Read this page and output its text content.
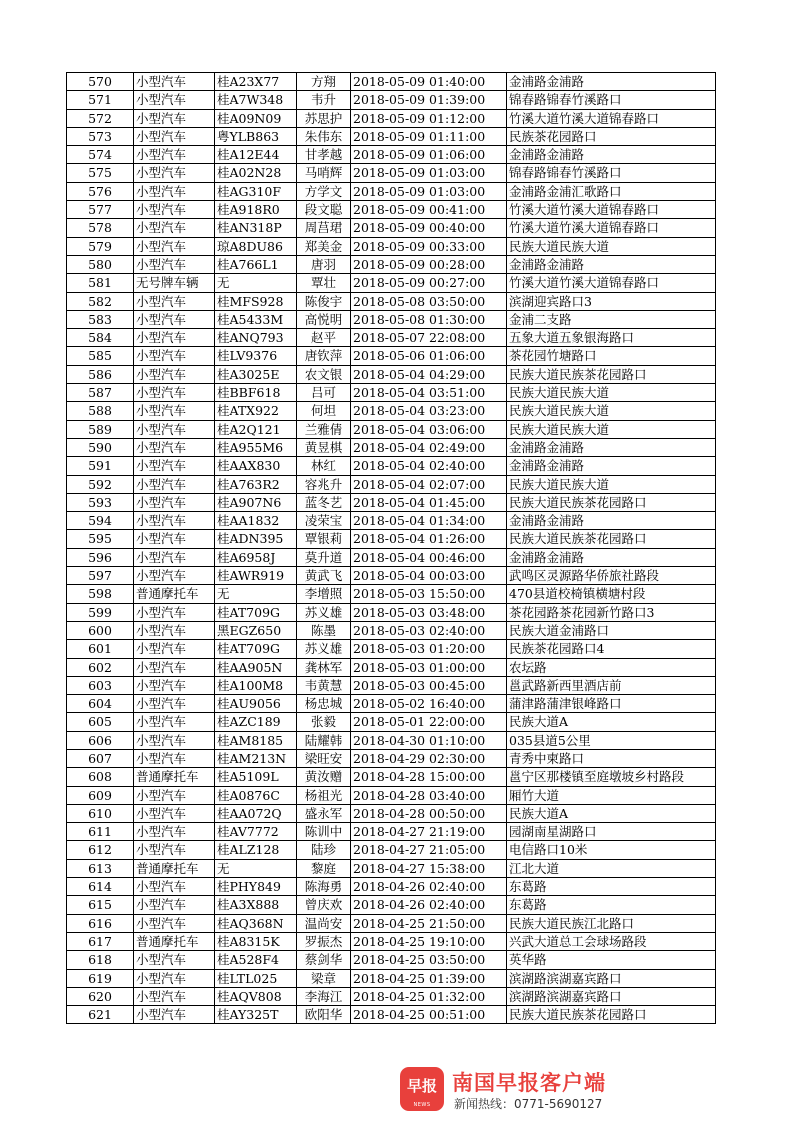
570	小型汽车	桂A23X77	方翔	2018-05-09 01:40:00	金浦路金浦路
571	小型汽车	桂A7W348	韦升	2018-05-09 01:39:00	锦春路锦春竹溪路口
572	小型汽车	桂A09N09	苏思护	2018-05-09 01:12:00	竹溪大道竹溪大道锦春路口
573	小型汽车	粤YLB863	朱伟东	2018-05-09 01:11:00	民族茶花园路口
574	小型汽车	桂A12E44	甘孝越	2018-05-09 01:06:00	金浦路金浦路
575	小型汽车	桂A02N28	马哨辉	2018-05-09 01:03:00	锦春路锦春竹溪路口
576	小型汽车	桂AG310F	方学文	2018-05-09 01:03:00	金浦路金浦汇歌路口
577	小型汽车	桂A918R0	段文聪	2018-05-09 00:41:00	竹溪大道竹溪大道锦春路口
578	小型汽车	桂AN318P	周莒珺	2018-05-09 00:40:00	竹溪大道竹溪大道锦春路口
579	小型汽车	琼A8DU86	郑美金	2018-05-09 00:33:00	民族大道民族大道
580	小型汽车	桂A766L1	唐羽	2018-05-09 00:28:00	金浦路金浦路
581	无号牌车辆	无	覃壮	2018-05-09 00:27:00	竹溪大道竹溪大道锦春路口
582	小型汽车	桂MFS928	陈俊宇	2018-05-08 03:50:00	滨湖迎宾路口3
583	小型汽车	桂A5433M	高悦明	2018-05-08 01:30:00	金浦二支路
584	小型汽车	桂ANQ793	赵平	2018-05-07 22:08:00	五象大道五象银海路口
585	小型汽车	桂LV9376	唐钦萍	2018-05-06 01:06:00	茶花园竹塘路口
586	小型汽车	桂A3025E	农文银	2018-05-04 04:29:00	民族大道民族茶花园路口
587	小型汽车	桂BBF618	吕可	2018-05-04 03:51:00	民族大道民族大道
588	小型汽车	桂ATX922	何坦	2018-05-04 03:23:00	民族大道民族大道
589	小型汽车	桂A2Q121	兰雅倩	2018-05-04 03:06:00	民族大道民族大道
590	小型汽车	桂A955M6	黄昱棋	2018-05-04 02:49:00	金浦路金浦路
591	小型汽车	桂AAX830	林红	2018-05-04 02:40:00	金浦路金浦路
592	小型汽车	桂A763R2	容兆升	2018-05-04 02:07:00	民族大道民族大道
593	小型汽车	桂A907N6	蓝冬艺	2018-05-04 01:45:00	民族大道民族茶花园路口
594	小型汽车	桂AA1832	凌荣宝	2018-05-04 01:34:00	金浦路金浦路
595	小型汽车	桂ADN395	覃银莉	2018-05-04 01:26:00	民族大道民族茶花园路口
596	小型汽车	桂A6958J	莫升道	2018-05-04 00:46:00	金浦路金浦路
597	小型汽车	桂AWR919	黄武飞	2018-05-04 00:03:00	武鸣区灵源路华侨旅社路段
598	普通摩托车	无	李增照	2018-05-03 15:50:00	470县道校椅镇横塘村段
599	小型汽车	桂AT709G	苏义雄	2018-05-03 03:48:00	茶花园路茶花园新竹路口3
600	小型汽车	黑EGZ650	陈墨	2018-05-03 02:40:00	民族大道金浦路口
601	小型汽车	桂AT709G	苏义雄	2018-05-03 01:20:00	民族茶花园路口4
602	小型汽车	桂AA905N	龚林军	2018-05-03 01:00:00	农坛路
603	小型汽车	桂A100M8	韦黄慧	2018-05-03 00:45:00	邕武路新西里酒店前
604	小型汽车	桂AU9056	杨忠城	2018-05-02 16:40:00	蒲津路蒲津银峰路口
605	小型汽车	桂AZC189	张毅	2018-05-01 22:00:00	民族大道A
606	小型汽车	桂AM8185	陆耀韩	2018-04-30 01:10:00	035县道5公里
607	小型汽车	桂AM213N	梁旺安	2018-04-29 02:30:00	青秀中柬路口
608	普通摩托车	桂A5109L	黄汝赠	2018-04-28 15:00:00	邕宁区那楼镇至庭墩坡乡村路段
609	小型汽车	桂A0876C	杨祖光	2018-04-28 03:40:00	厢竹大道
610	小型汽车	桂AA072Q	盛永军	2018-04-28 00:50:00	民族大道A
611	小型汽车	桂AV7772	陈训中	2018-04-27 21:19:00	园湖南星湖路口
612	小型汽车	桂ALZ128	陆珍	2018-04-27 21:05:00	电信路口10米
613	普通摩托车	无	黎庭	2018-04-27 15:38:00	江北大道
614	小型汽车	桂PHY849	陈海勇	2018-04-26 02:40:00	东葛路
615	小型汽车	桂A3X888	曾庆欢	2018-04-26 02:40:00	东葛路
616	小型汽车	桂AQ368N	温尚安	2018-04-25 21:50:00	民族大道民族江北路口
617	普通摩托车	桂A8315K	罗振杰	2018-04-25 19:10:00	兴武大道总工会球场路段
618	小型汽车	桂A528F4	蔡剑华	2018-04-25 03:50:00	英华路
619	小型汽车	桂LTL025	梁章	2018-04-25 01:39:00	滨湖路滨湖嘉宾路口
620	小型汽车	桂AQV808	李海江	2018-04-25 01:32:00	滨湖路滨湖嘉宾路口
621	小型汽车	桂AY325T	欧阳华	2018-04-25 00:51:00	民族大道民族茶花园路口
早报
NEWS
南国早报客户端
新闻热线：0771-5690127
